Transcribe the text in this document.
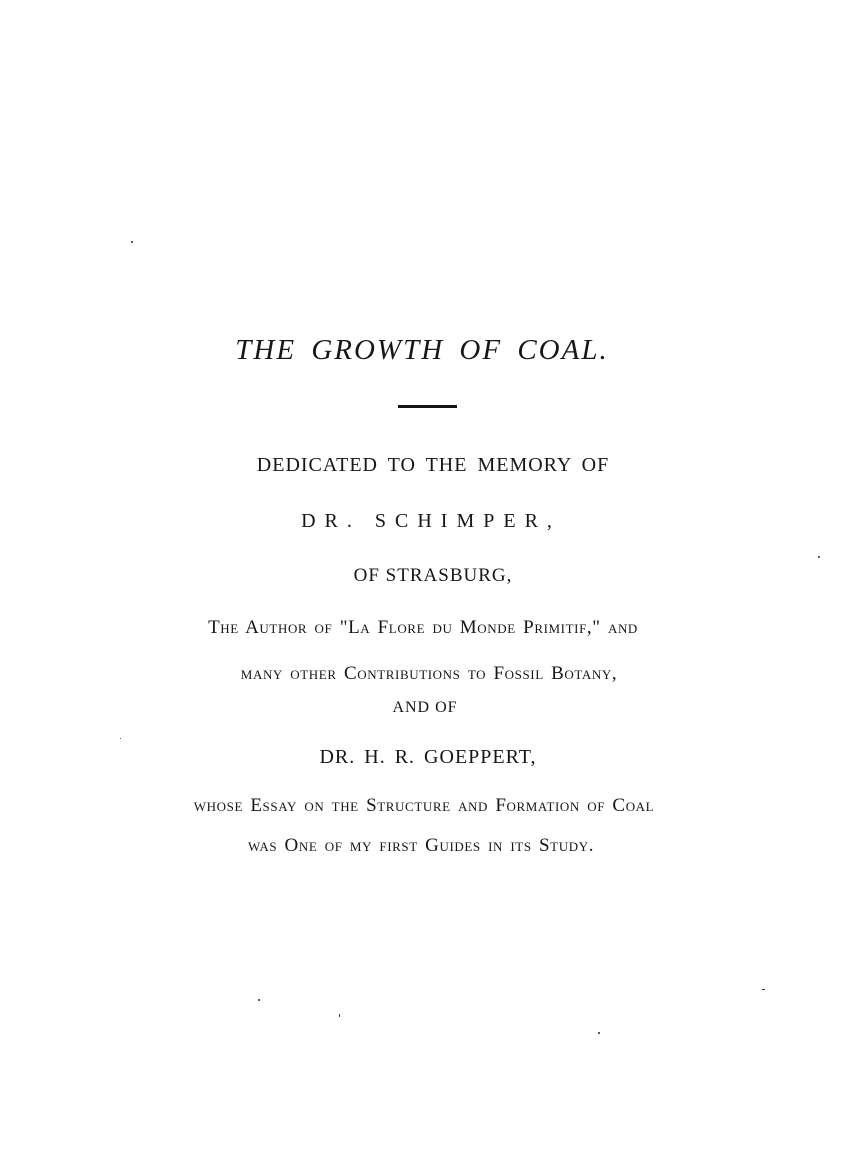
THE GROWTH OF COAL.
DEDICATED TO THE MEMORY OF
DR. SCHIMPER,
OF STRASBURG,
The Author of "La Flore du Monde Primitif," and
many other Contributions to Fossil Botany,
AND OF
DR. H. R. GOEPPERT,
whose Essay on the Structure and Formation of Coal
was One of my first Guides in its Study.
